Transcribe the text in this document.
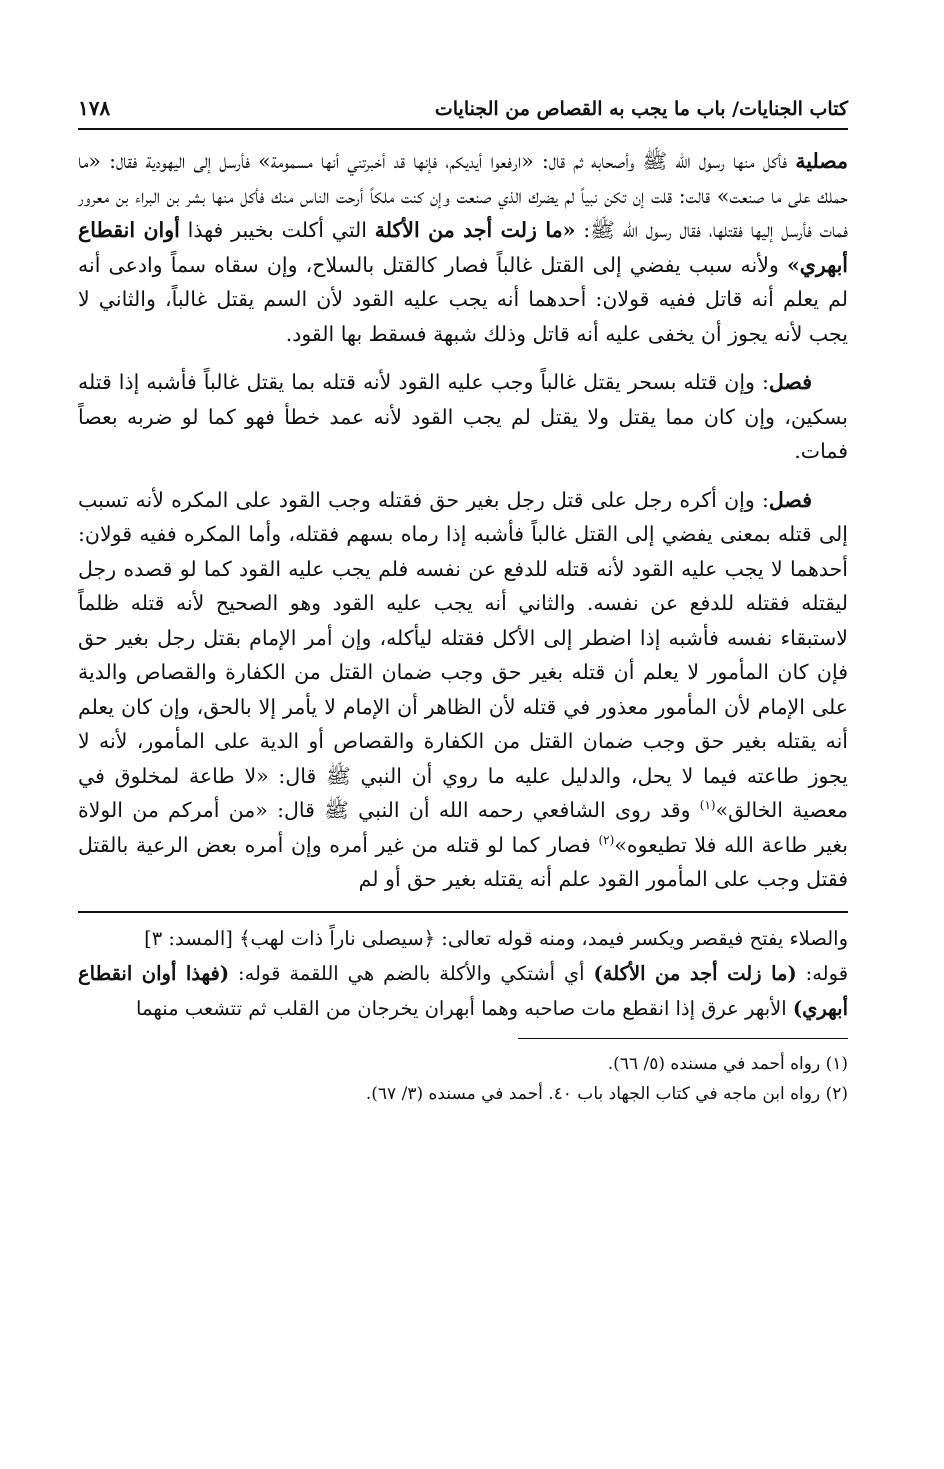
كتاب الجنايات/ باب ما يجب به القصاص من الجنايات
١٧٨

مصلية فأكل منها رسول الله ﷺ وأصحابه ثم قال: «ارفعوا أيديكم، فإنها قد أخبرتني أنها مسمومة» فأرسل إلى اليهودية فقال: «ما حملك على ما صنعت» قالت: قلت إن تكن نبياً لم يضرك الذي صنعت وإن كنت ملكاً أرحت الناس منك فأكل منها بشر بن البراء بن معرور فمات فأرسل إليها فقتلها، فقال رسول الله ﷺ: «ما زلت أجد من الأكلة التي أكلت بخيبر فهذا أوان انقطاع أبهري» ولأنه سبب يفضي إلى القتل غالباً فصار كالقتل بالسلاح، وإن سقاه سماً وادعى أنه لم يعلم أنه قاتل ففيه قولان: أحدهما أنه يجب عليه القود لأن السم يقتل غالباً، والثاني لا يجب لأنه يجوز أن يخفى عليه أنه قاتل وذلك شبهة فسقط بها القود.

فصل: وإن قتله بسحر يقتل غالباً وجب عليه القود لأنه قتله بما يقتل غالباً فأشبه إذا قتله بسكين، وإن كان مما يقتل ولا يقتل لم يجب القود لأنه عمد خطأ فهو كما لو ضربه بعصاً فمات.

فصل: وإن أكره رجل على قتل رجل بغير حق فقتله وجب القود على المكره لأنه تسبب إلى قتله بمعنى يفضي إلى القتل غالباً فأشبه إذا رماه بسهم فقتله، وأما المكره ففيه قولان: أحدهما لا يجب عليه القود لأنه قتله للدفع عن نفسه فلم يجب عليه القود كما لو قصده رجل ليقتله فقتله للدفع عن نفسه. والثاني أنه يجب عليه القود وهو الصحيح لأنه قتله ظلماً لاستبقاء نفسه فأشبه إذا اضطر إلى الأكل فقتله ليأكله، وإن أمر الإمام بقتل رجل بغير حق فإن كان المأمور لا يعلم أن قتله بغير حق وجب ضمان القتل من الكفارة والقصاص والدية على الإمام لأن المأمور معذور في قتله لأن الظاهر أن الإمام لا يأمر إلا بالحق، وإن كان يعلم أنه يقتله بغير حق وجب ضمان القتل من الكفارة والقصاص أو الدية على المأمور، لأنه لا يجوز طاعته فيما لا يحل، والدليل عليه ما روي أن النبي ﷺ قال: «لا طاعة لمخلوق في معصية الخالق»$^{(١)}$ وقد روى الشافعي رحمه الله أن النبي ﷺ قال: «من أمركم من الولاة بغير طاعة الله فلا تطيعوه»$^{(٢)}$ فصار كما لو قتله من غير أمره وإن أمره بعض الرعية بالقتل فقتل وجب على المأمور القود علم أنه يقتله بغير حق أو لم

والصلاء يفتح فيقصر ويكسر فيمد، ومنه قوله تعالى: ﴿سيصلى ناراً ذات لهب﴾ [المسد: ٣]

قوله: (ما زلت أجد من الأكلة) أي أشتكي والأكلة بالضم هي اللقمة قوله: (فهذا أوان انقطاع أبهري) الأبهر عرق إذا انقطع مات صاحبه وهما أبهران يخرجان من القلب ثم تتشعب منهما

(١) رواه أحمد في مسنده (٥/ ٦٦).
(٢) رواه ابن ماجه في كتاب الجهاد باب ٤٠. أحمد في مسنده (٣/ ٦٧).
